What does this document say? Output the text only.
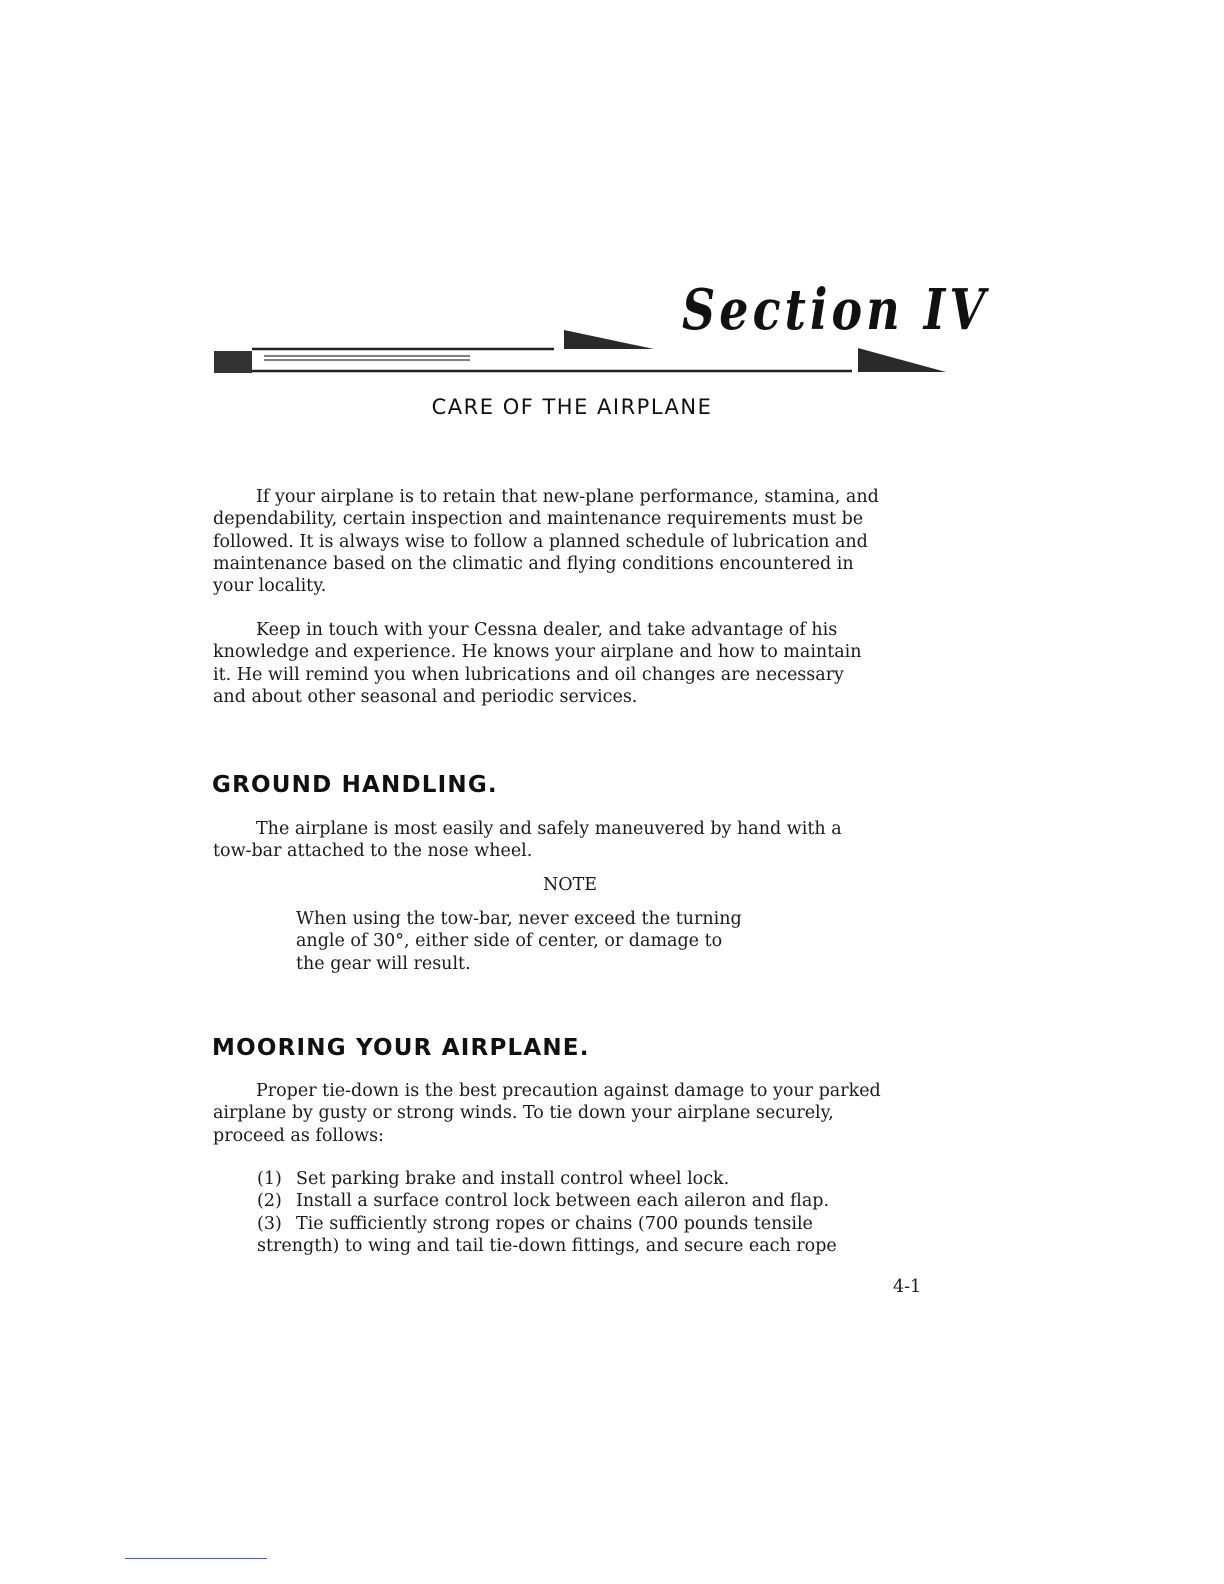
Section IV
CARE OF THE AIRPLANE
If your airplane is to retain that new-plane performance, stamina, and
dependability, certain inspection and maintenance requirements must be
followed. It is always wise to follow a planned schedule of lubrication and
maintenance based on the climatic and flying conditions encountered in
your locality.
Keep in touch with your Cessna dealer, and take advantage of his
knowledge and experience. He knows your airplane and how to maintain
it. He will remind you when lubrications and oil changes are necessary
and about other seasonal and periodic services.
GROUND HANDLING.
The airplane is most easily and safely maneuvered by hand with a
tow-bar attached to the nose wheel.

NOTE

When using the tow-bar, never exceed the turning
angle of 30°, either side of center, or damage to
the gear will result.
MOORING YOUR AIRPLANE.
Proper tie-down is the best precaution against damage to your parked
airplane by gusty or strong winds. To tie down your airplane securely,
proceed as follows:
(1) Set parking brake and install control wheel lock.
(2) Install a surface control lock between each aileron and flap.
(3) Tie sufficiently strong ropes or chains (700 pounds tensile
strength) to wing and tail tie-down fittings, and secure each rope

4-1
